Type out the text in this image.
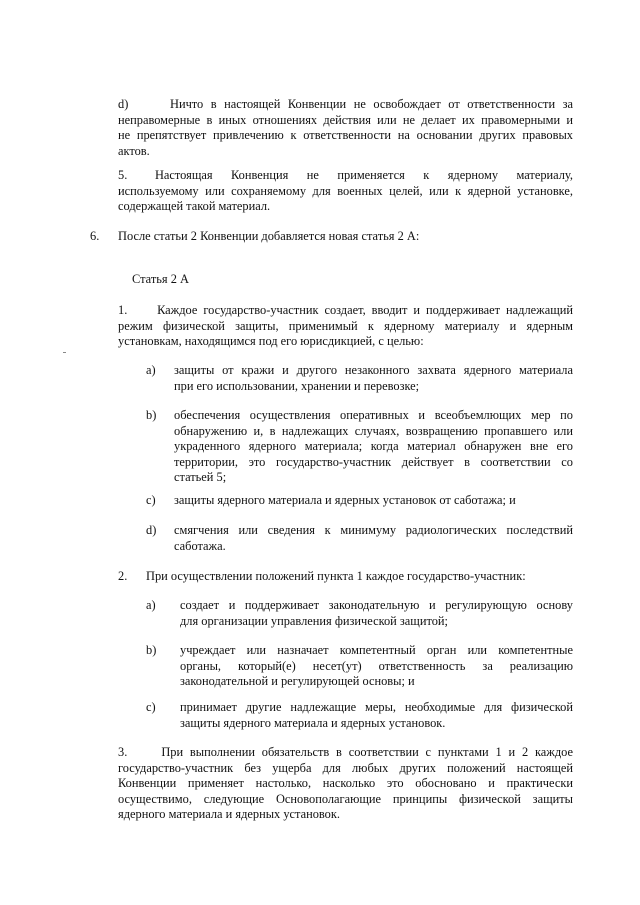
d)	Ничто в настоящей Конвенции не освобождает от ответственности за
неправомерные в иных отношениях действия или не делает их правомерными и
не препятствует привлечению к ответственности на основании других правовых
актов.
5.      Настоящая    Конвенция    не    применяется    к    ядерному    материалу,
используемому или сохраняемому для военных целей, или к ядерной установке,
содержащей такой материал.
6. После статьи 2 Конвенции добавляется новая статья 2 А:
Статья 2 А
1.     Каждое государство-участник создает, вводит и поддерживает надлежащий
режим физической защиты, применимый к ядерному материалу и ядерным
установкам, находящимся под его юрисдикцией, с целью:
a) защиты от кражи и другого незаконного захвата ядерного материала
при его использовании, хранении и перевозке;
b) обеспечения осуществления оперативных и всеобъемлющих мер по
обнаружению и, в надлежащих случаях, возвращению пропавшего или
украденного ядерного материала; когда материал обнаружен вне его
территории, это государство-участник действует в соответствии со
статьей 5;
c) защиты ядерного материала и ядерных установок от саботажа; и
d) смягчения или сведения к минимуму радиологических последствий
саботажа.
2. При осуществлении положений пункта 1 каждое государство-участник:
a) создает и поддерживает законодательную и регулирующую основу
для организации управления физической защитой;
b) учреждает или назначает компетентный орган или компетентные
органы,   который(е)   несет(ут)   ответственность   за   реализацию
законодательной и регулирующей основы; и
c) принимает другие надлежащие меры, необходимые для физической
защиты ядерного материала и ядерных установок.
3.     При выполнении обязательств в соответствии с пунктами 1 и 2 каждое
государство-участник без ущерба для любых других положений настоящей
Конвенции применяет настолько, насколько это обосновано и практически
осуществимо, следующие Основополагающие принципы физической защиты
ядерного материала и ядерных установок.
